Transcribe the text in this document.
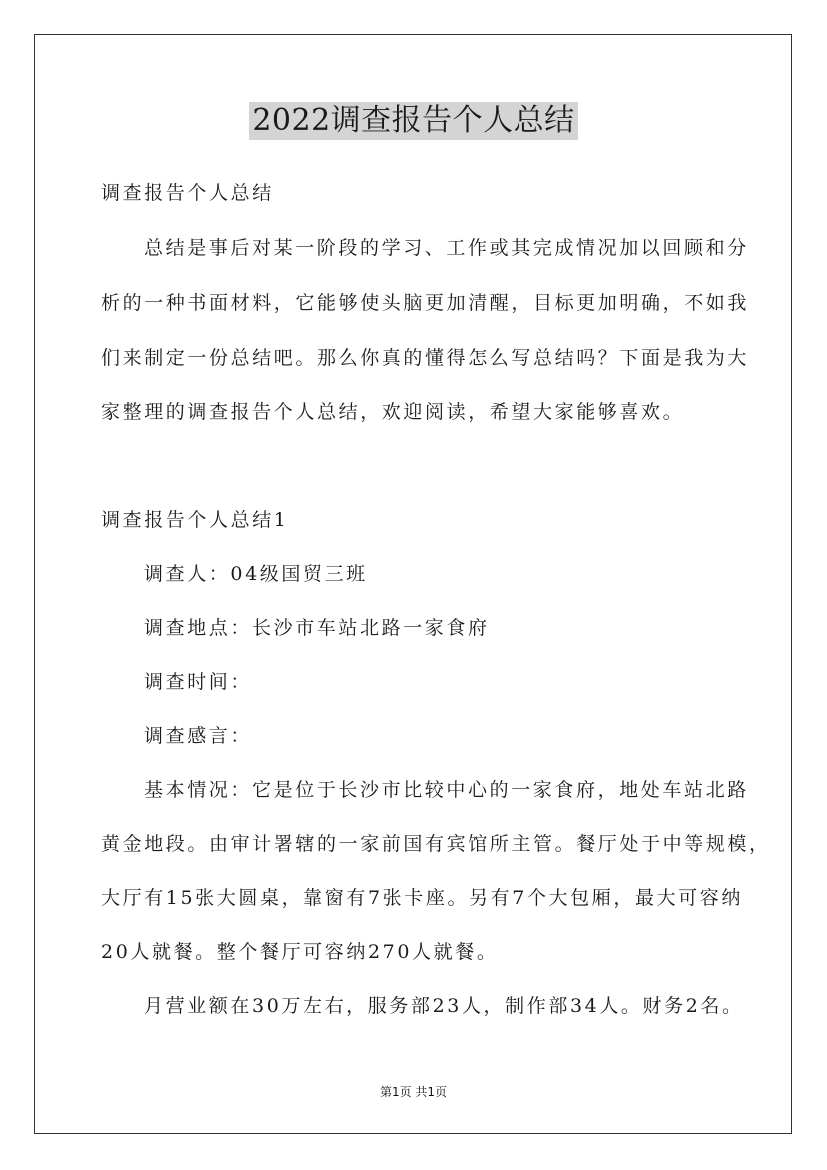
2022调查报告个人总结
调查报告个人总结
总结是事后对某一阶段的学习、工作或其完成情况加以回顾和分
析的一种书面材料，它能够使头脑更加清醒，目标更加明确，不如我
们来制定一份总结吧。那么你真的懂得怎么写总结吗？下面是我为大
家整理的调查报告个人总结，欢迎阅读，希望大家能够喜欢。
调查报告个人总结1
调查人：04级国贸三班
调查地点：长沙市车站北路一家食府
调查时间：
调查感言：
基本情况：它是位于长沙市比较中心的一家食府，地处车站北路
黄金地段。由审计署辖的一家前国有宾馆所主管。餐厅处于中等规模，
大厅有15张大圆桌，靠窗有7张卡座。另有7个大包厢，最大可容纳
20人就餐。整个餐厅可容纳270人就餐。
月营业额在30万左右，服务部23人，制作部34人。财务2名。
第1页 共1页
